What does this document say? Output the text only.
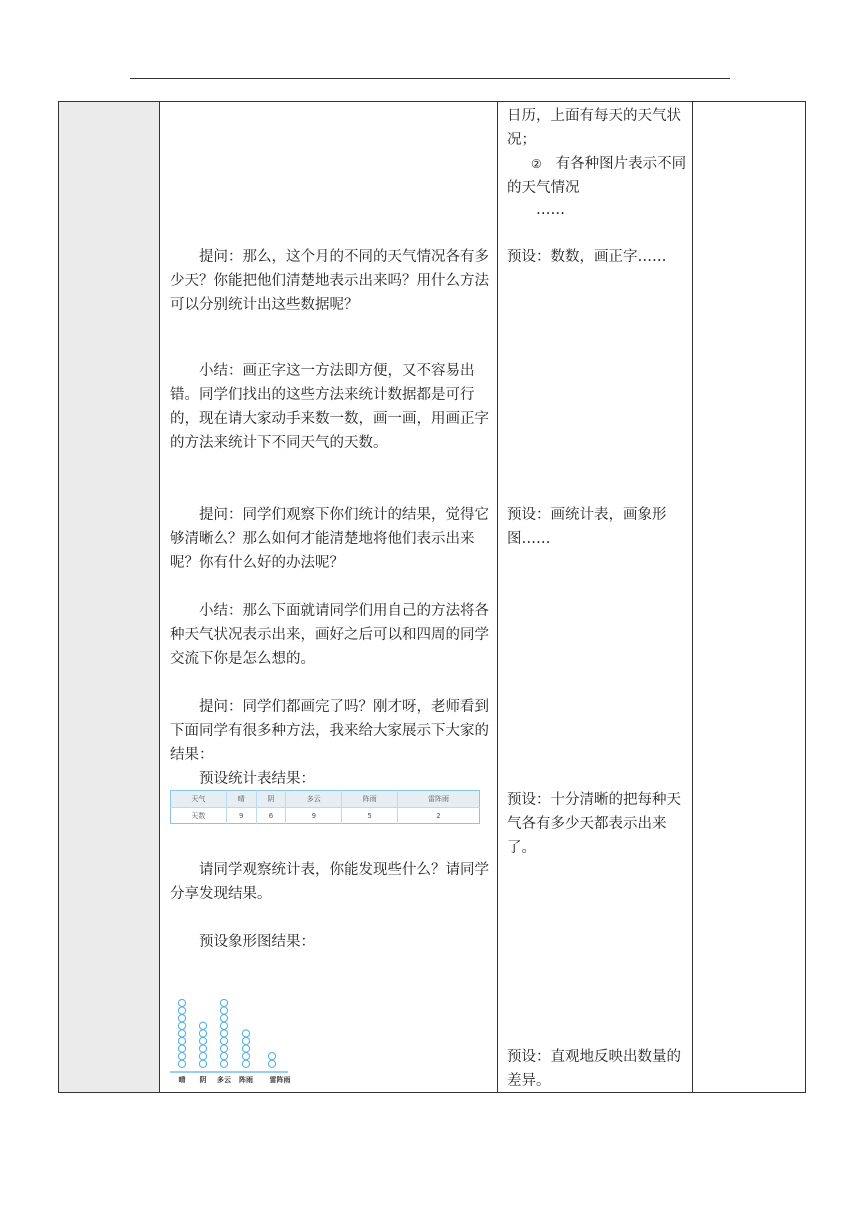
提问：那么，这个月的不同的天气情况各有多少天？你能把他们清楚地表示出来吗？用什么方法可以分别统计出这些数据呢？

小结：画正字这一方法即方便，又不容易出错。同学们找出的这些方法来统计数据都是可行的，现在请大家动手来数一数，画一画，用画正字的方法来统计下不同天气的天数。

提问：同学们观察下你们统计的结果，觉得它够清晰么？那么如何才能清楚地将他们表示出来呢？你有什么好的办法呢？

小结：那么下面就请同学们用自己的方法将各种天气状况表示出来，画好之后可以和四周的同学交流下你是怎么想的。

提问：同学们都画完了吗？刚才呀，老师看到下面同学有很多种方法，我来给大家展示下大家的结果：

预设统计表结果：

天气	晴	阴	多云	阵雨	雷阵雨
天数	9	6	9	5	2

请同学观察统计表，你能发现些什么？请同学分享发现结果。

预设象形图结果：

晴 阴 多云 阵雨 雷阵雨

日历，上面有每天的天气状况；

② 有各种图片表示不同的天气情况

……

预设：数数，画正字……

预设：画统计表，画象形图……

预设：十分清晰的把每种天气各有多少天都表示出来了。

预设：直观地反映出数量的差异。
